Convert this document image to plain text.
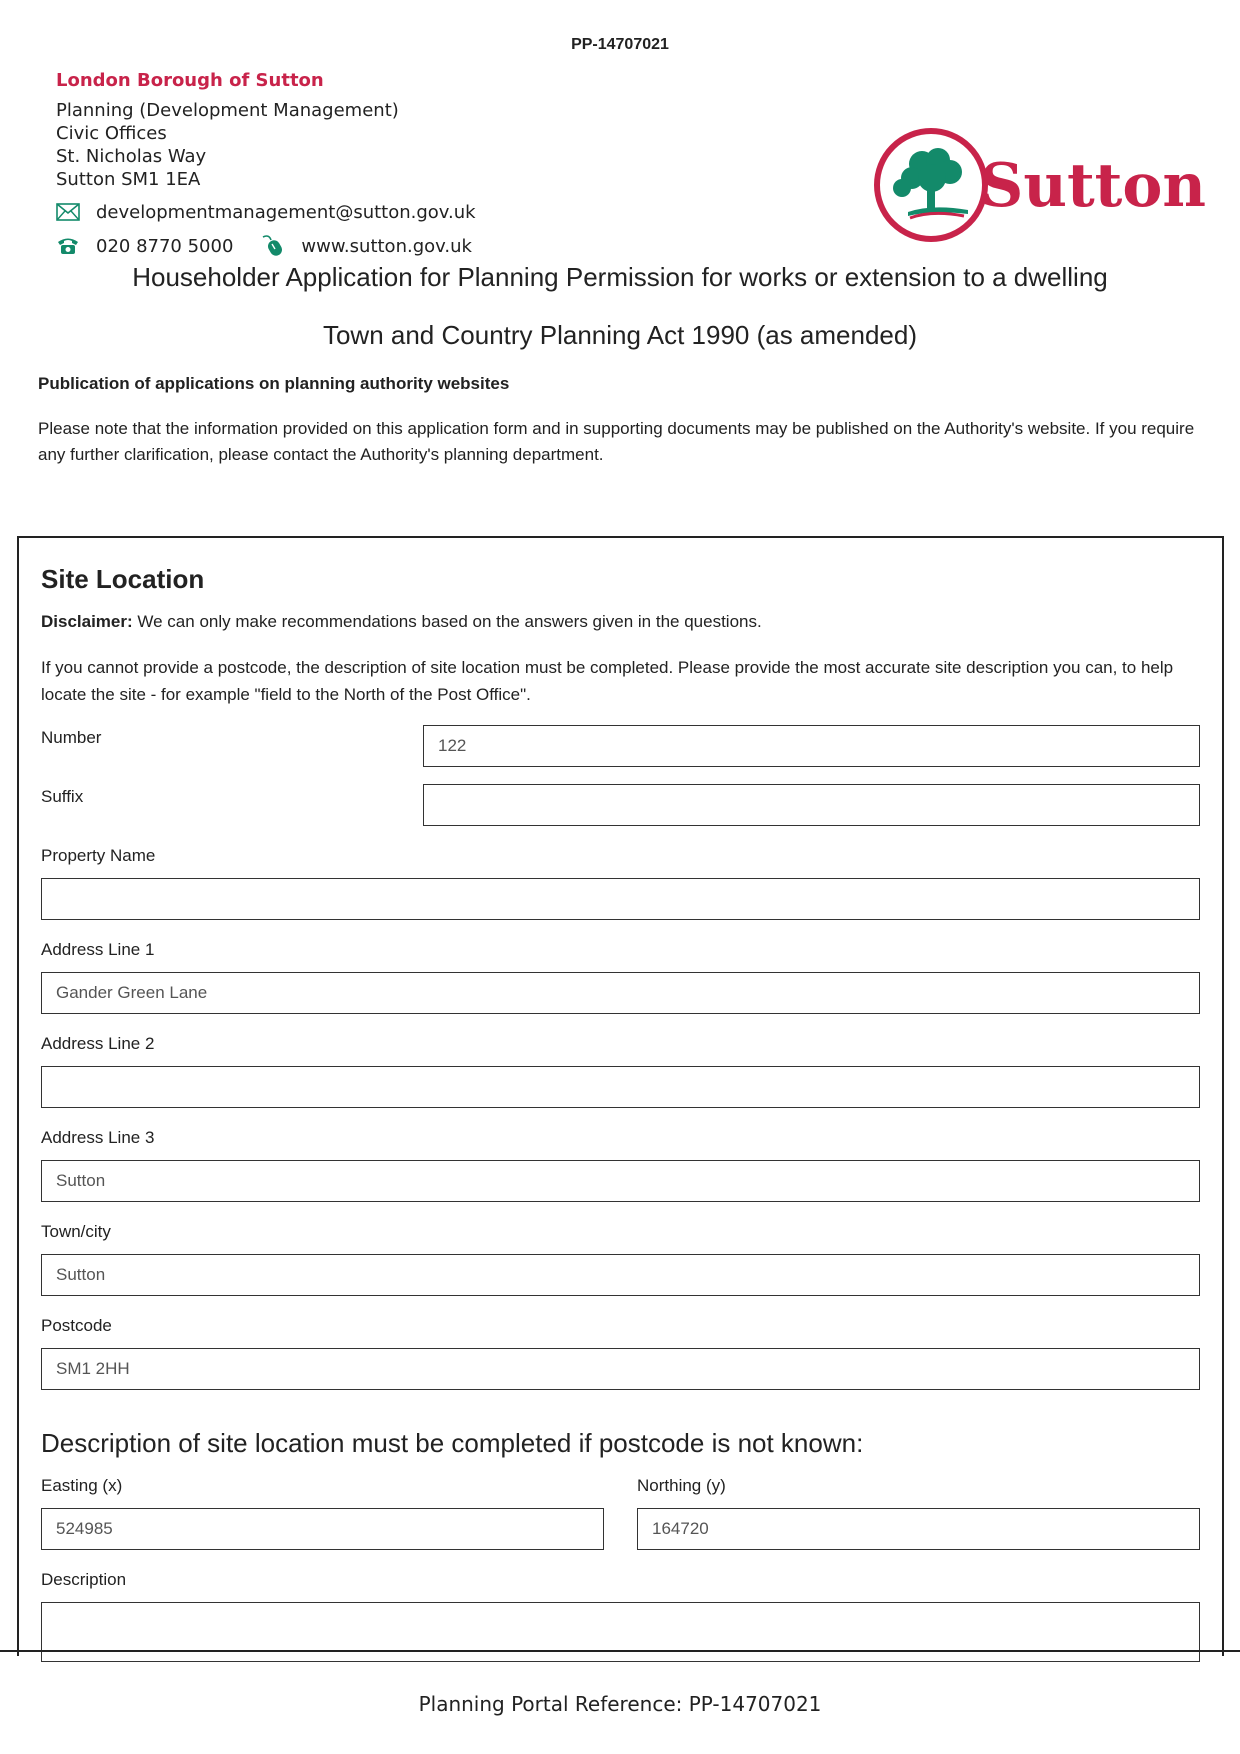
PP-14707021
London Borough of Sutton
Planning (Development Management)
Civic Offices
St. Nicholas Way
Sutton SM1 1EA
developmentmanagement@sutton.gov.uk
020 8770 5000	www.sutton.gov.uk
Sutton
Householder Application for Planning Permission for works or extension to a dwelling
Town and Country Planning Act 1990 (as amended)
Publication of applications on planning authority websites
Please note that the information provided on this application form and in supporting documents may be published on the Authority's website. If you require any further clarification, please contact the Authority's planning department.
Site Location
Disclaimer: We can only make recommendations based on the answers given in the questions.
If you cannot provide a postcode, the description of site location must be completed. Please provide the most accurate site description you can, to help locate the site - for example "field to the North of the Post Office".
Number	122
Suffix
Property Name
Address Line 1
Gander Green Lane
Address Line 2
Address Line 3
Sutton
Town/city
Sutton
Postcode
SM1 2HH
Description of site location must be completed if postcode is not known:
Easting (x)
524985
Northing (y)
164720
Description
Planning Portal Reference: PP-14707021
